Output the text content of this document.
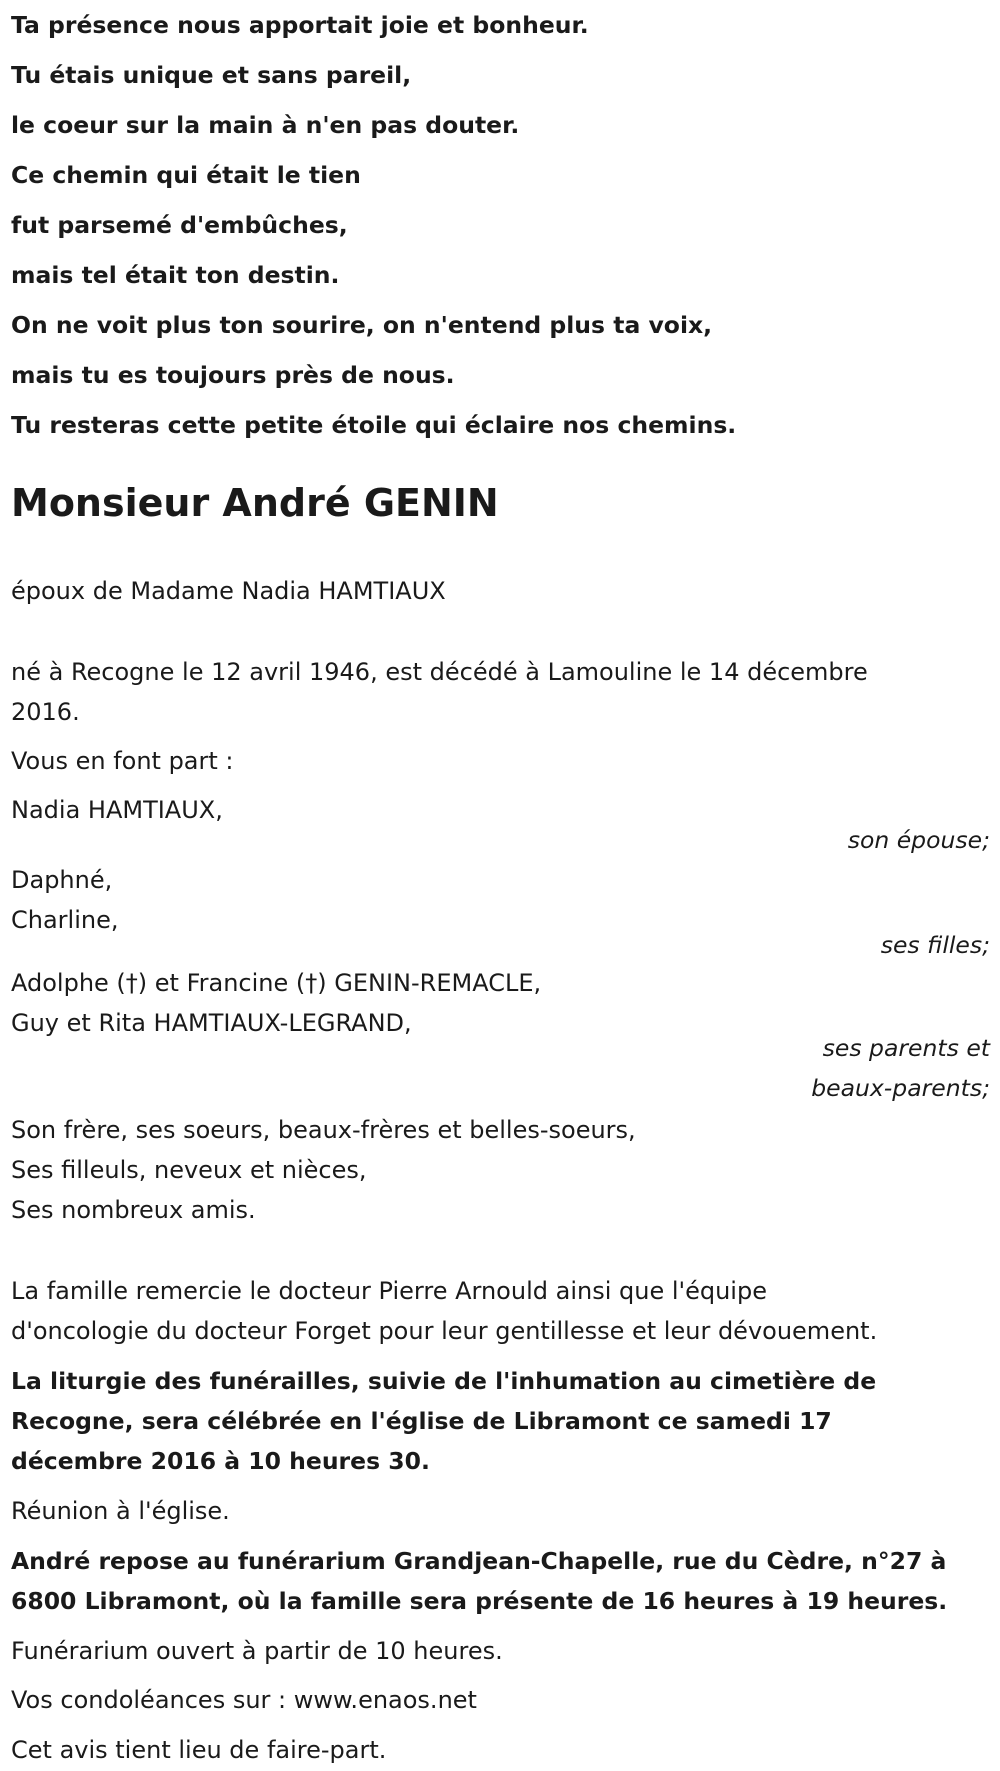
Ta présence nous apportait joie et bonheur.
Tu étais unique et sans pareil,
le coeur sur la main à n'en pas douter.
Ce chemin qui était le tien
fut parsemé d'embûches,
mais tel était ton destin.
On ne voit plus ton sourire, on n'entend plus ta voix,
mais tu es toujours près de nous.
Tu resteras cette petite étoile qui éclaire nos chemins.
Monsieur André GENIN
époux de Madame Nadia HAMTIAUX
né à Recogne le 12 avril 1946, est décédé à Lamouline le 14 décembre
2016.
Vous en font part :
Nadia HAMTIAUX,
son épouse;
Daphné,
Charline,
ses filles;
Adolphe (†) et Francine (†) GENIN-REMACLE,
Guy et Rita HAMTIAUX-LEGRAND,
ses parents et
beaux-parents;
Son frère, ses soeurs, beaux-frères et belles-soeurs,
Ses filleuls, neveux et nièces,
Ses nombreux amis.
La famille remercie le docteur Pierre Arnould ainsi que l'équipe
d'oncologie du docteur Forget pour leur gentillesse et leur dévouement.
La liturgie des funérailles, suivie de l'inhumation au cimetière de
Recogne, sera célébrée en l'église de Libramont ce samedi 17
décembre 2016 à 10 heures 30.
Réunion à l'église.
André repose au funérarium Grandjean-Chapelle, rue du Cèdre, n°27 à
6800 Libramont, où la famille sera présente de 16 heures à 19 heures.
Funérarium ouvert à partir de 10 heures.
Vos condoléances sur : www.enaos.net
Cet avis tient lieu de faire-part.
